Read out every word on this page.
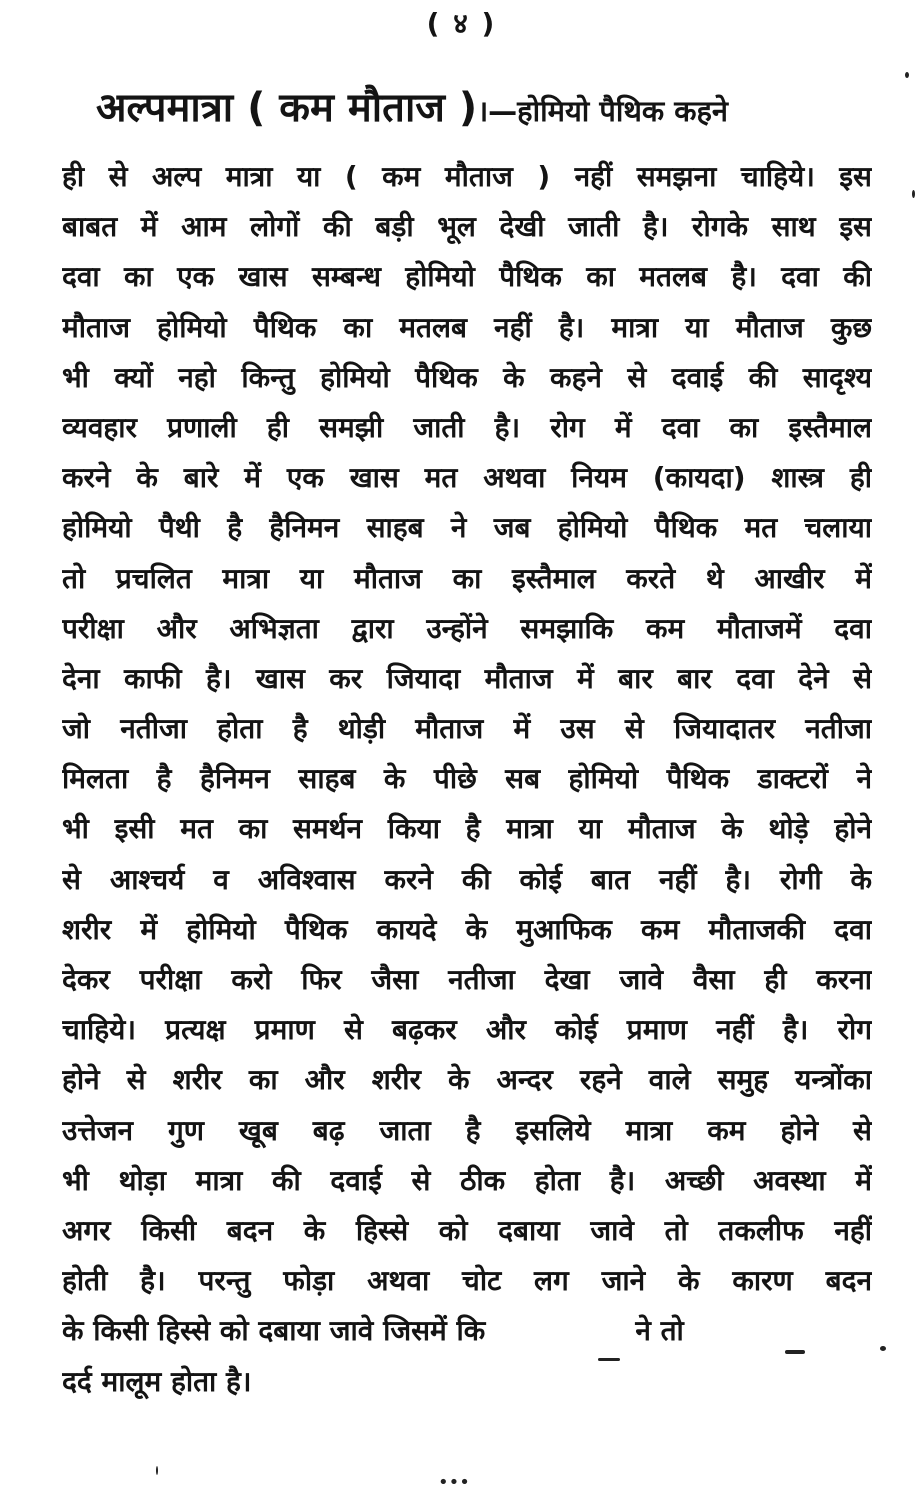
( ४ )
अल्पमात्रा ( कम मौताज )।—होमियो पैथिक कहने
ही से अल्प मात्रा या ( कम मौताज ) नहीं समझना चाहिये। इस
बाबत में आम लोगों की बड़ी भूल देखी जाती है। रोगके साथ इस
दवा का एक खास सम्बन्ध होमियो पैथिक का मतलब है। दवा की
मौताज होमियो पैथिक का मतलब नहीं है। मात्रा या मौताज कुछ
भी क्यों नहो किन्तु होमियो पैथिक के कहने से दवाई की सादृश्य
व्यवहार प्रणाली ही समझी जाती है। रोग में दवा का इस्तैमाल
करने के बारे में एक खास मत अथवा नियम (कायदा) शास्त्र ही
होमियो पैथी है हैनिमन साहब ने जब होमियो पैथिक मत चलाया
तो प्रचलित मात्रा या मौताज का इस्तैमाल करते थे आखीर में
परीक्षा और अभिज्ञता द्वारा उन्होंने समझाकि कम मौताजमें दवा
देना काफी है। खास कर जियादा मौताज में बार बार दवा देने से
जो नतीजा होता है थोड़ी मौताज में उस से जियादातर नतीजा
मिलता है हैनिमन साहब के पीछे सब होमियो पैथिक डाक्टरों ने
भी इसी मत का समर्थन किया है मात्रा या मौताज के थोड़े होने
से आश्चर्य व अविश्वास करने की कोई बात नहीं है। रोगी के
शरीर में होमियो पैथिक कायदे के मुआफिक कम मौताजकी दवा
देकर परीक्षा करो फिर जैसा नतीजा देखा जावे वैसा ही करना
चाहिये। प्रत्यक्ष प्रमाण से बढ़कर और कोई प्रमाण नहीं है। रोग
होने से शरीर का और शरीर के अन्दर रहने वाले समुह यन्त्रोंका
उत्तेजन गुण खूब बढ़ जाता है इसलिये मात्रा कम होने से
भी थोड़ा मात्रा की दवाई से ठीक होता है। अच्छी अवस्था में
अगर किसी बदन के हिस्से को दबाया जावे तो तकलीफ नहीं
होती है। परन्तु फोड़ा अथवा चोट लग जाने के कारण बदन
के किसी हिस्से को दबाया जावे जिसमें कि	ने तो
दर्द मालूम होता है।
•••
